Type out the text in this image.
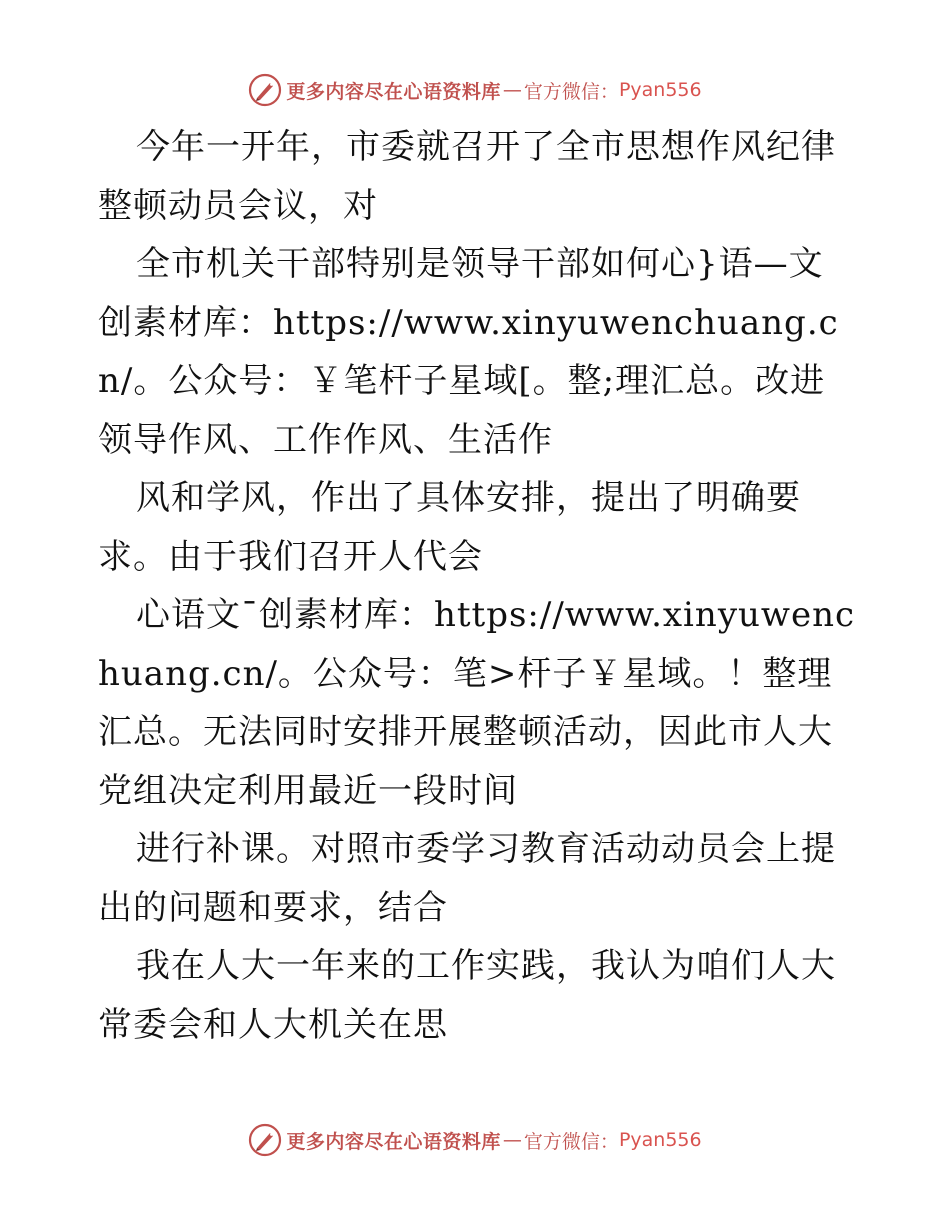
更多内容尽在心语资料库 — 官方微信： Pyan556

今年一开年，市委就召开了全市思想作风纪律整顿动员会议，对

全市机关干部特别是领导干部如何心}语—文创素材库：https://www.xinyuwenchuang.cn/。公众号：￥笔杆子星域[。整;理汇总。改进领导作风、工作作风、生活作

风和学风，作出了具体安排，提出了明确要求。由于我们召开人代会

心语文¯创素材库：https://www.xinyuwenchuang.cn/。公众号：笔>杆子￥星域。！整理汇总。无法同时安排开展整顿活动，因此市人大党组决定利用最近一段时间

进行补课。对照市委学习教育活动动员会上提出的问题和要求，结合

我在人大一年来的工作实践，我认为咱们人大常委会和人大机关在思

更多内容尽在心语资料库 — 官方微信： Pyan556
